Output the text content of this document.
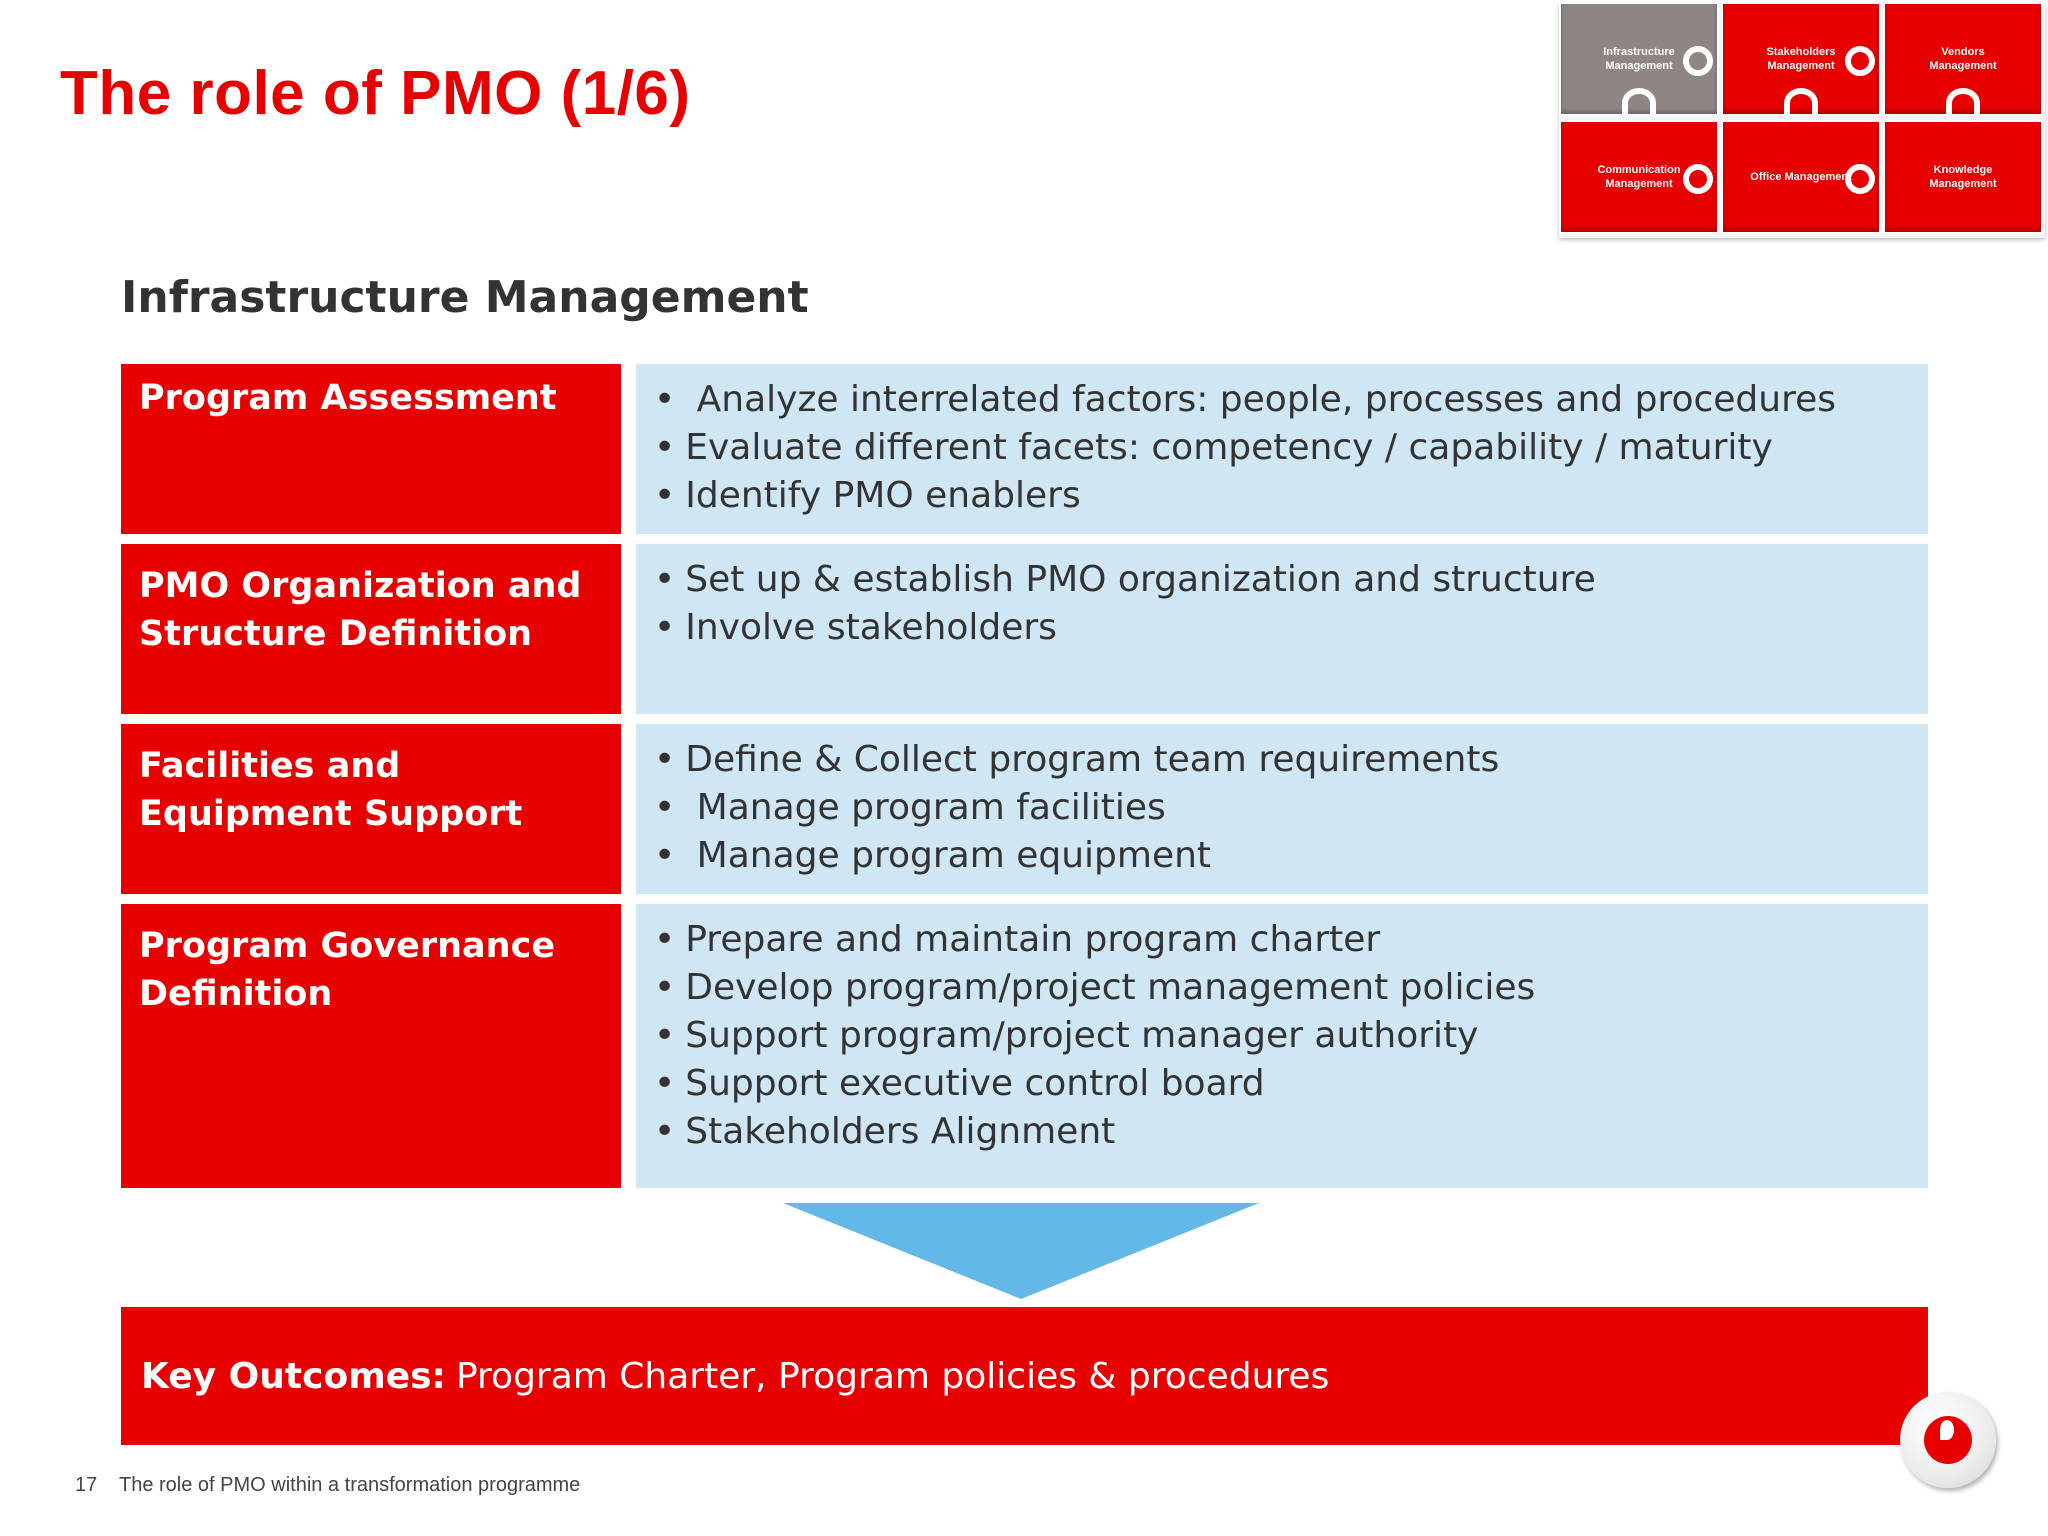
The role of PMO (1/6)
Infrastructure Management
Stakeholders Management
Vendors Management
Communication Management
Office Management
Knowledge Management
Infrastructure Management
Program Assessment
•	Analyze interrelated factors: people, processes and procedures
• Evaluate different facets: competency / capability / maturity
• Identify PMO enablers
PMO Organization and Structure Definition
• Set up & establish PMO organization and structure
• Involve stakeholders
Facilities and Equipment Support
• Define & Collect program team requirements
• Manage program facilities
• Manage program equipment
Program Governance Definition
• Prepare and maintain program charter
• Develop program/project management policies
• Support program/project manager authority
• Support executive control board
• Stakeholders Alignment
Key Outcomes: Program Charter, Program policies & procedures
17 The role of PMO within a transformation programme
